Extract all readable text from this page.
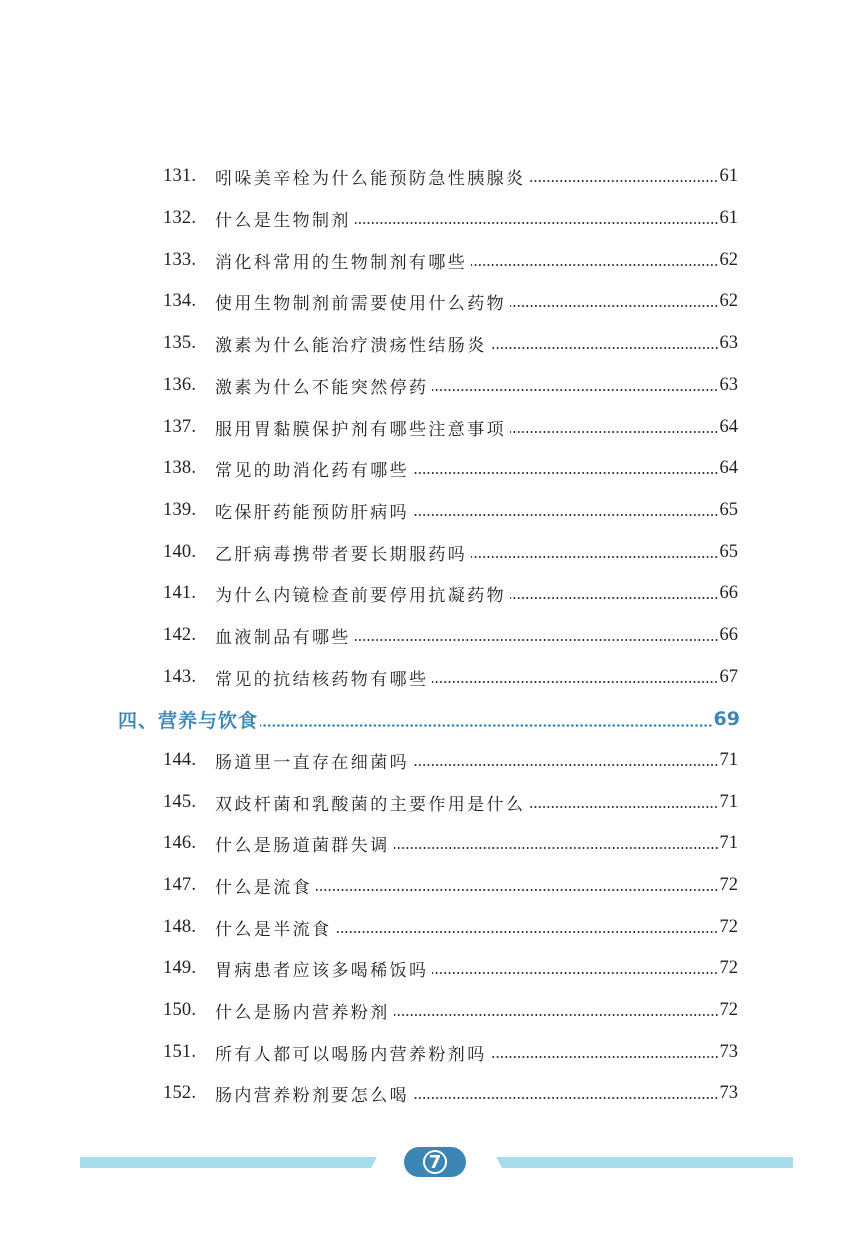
131.	吲哚美辛栓为什么能预防急性胰腺炎	61
132.	什么是生物制剂	61
133.	消化科常用的生物制剂有哪些	62
134.	使用生物制剂前需要使用什么药物	62
135.	激素为什么能治疗溃疡性结肠炎	63
136.	激素为什么不能突然停药	63
137.	服用胃黏膜保护剂有哪些注意事项	64
138.	常见的助消化药有哪些	64
139.	吃保肝药能预防肝病吗	65
140.	乙肝病毒携带者要长期服药吗	65
141.	为什么内镜检查前要停用抗凝药物	66
142.	血液制品有哪些	66
143.	常见的抗结核药物有哪些	67
四、营养与饮食	69
144.	肠道里一直存在细菌吗	71
145.	双歧杆菌和乳酸菌的主要作用是什么	71
146.	什么是肠道菌群失调	71
147.	什么是流食	72
148.	什么是半流食	72
149.	胃病患者应该多喝稀饭吗	72
150.	什么是肠内营养粉剂	72
151.	所有人都可以喝肠内营养粉剂吗	73
152.	肠内营养粉剂要怎么喝	73
7
